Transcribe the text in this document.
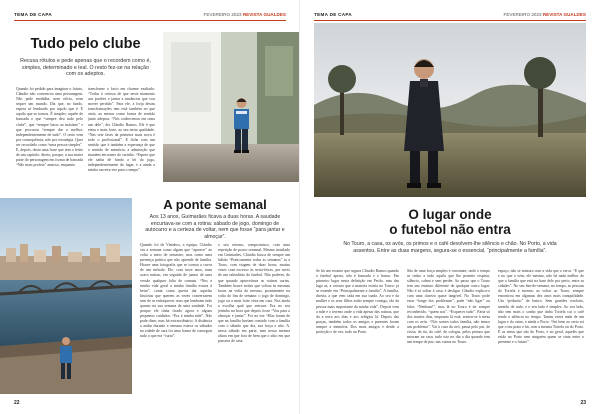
TEMA DE CAPA	FEVEREIRO 2023 REVISTA GUALDES
Tudo pelo clube
Recusa rótulos e pede apenas que o recordem como é, simples, determinado e leal. O resto fez-se na relação com os adeptos.
Quando foi pedido para imaginar o futuro, Cláudio não convenceu uma personagem. Não pede medalha, nem ofício, nem sequer um mundo. Diz que, no fundo, espera só lembrado por aquilo que é. E aquilo que se tornou. É simples: aquele de bancada o que “sempre deu tudo pelo clube”, que “sempre lutou ao máximo” e que procurou “sempre dar o melhor, independentemente de tudo”. O resto vem por consequência, não por estratégia. Quer ser recordado como “uma pessoa simples”. E, depois, desta uma frase que tem o feitio de um capitulo: direto, porque, a sua maior parte do personagem em forma de bancada “Não mais profeta” ansioso, enquanto
transforme o facto em charme exaltado: “Todos à certeza de que neste momento aos portões e jantar a instâncias que vou mover perdido”. Para ele, a forja destas transformações tem está também no que atrás, ao menos como forma de sentido junto adeptos. “Nós conhecemos em cima um dele”, diz Cláudio Ramos. Ele é que entra o mais forte, ao seu nesta qualidade. “Nas sete fases da primeira mais nova é todo o profissional”. E ficha com um sentido que é também a esperança de que o sentido de memória, a admiração que mantém em nome do carinho. “Espero que ele saiba de fundo a lei do jogo, independentemente do lugar, e a ainda a minha carreira vez para o tempo”.
A ponte semanal
Aos 13 anos, Guimarães ficava a duas horas. A saudade encurtava-se com a rotina: sábado de jogo, domingo de autocarro e a certeza de voltar, nem que fosse “para jantar e almoçar”.
Quando foi de Vizinhos, a equipa, Cláudio viu a semana como algum que “aparece” ao volta a meio de semestre, mas como uma presença prática que não aprende de família. Houve uma fotografia que se tornou a curva de um método. Ele, com treze anos, num acaso mútuo, em seguida de juntos de uma versão qualquer falta de comum. “Nos a minha vida geral a minha família estava à beira”, conta como queria dar aquelas histórias que querem as vezes conversarem sem de se enfraquecer, mas que lembram tudo quanto na sua semana de uma saudade. Foi porque ele tinha ficado agora e alguns pequenos cuidados. “Era à minha mãe”. Não pode dizer, mas há extraordinário, A distância a andar durante a semana estava os sábados na cidade de cara foi uma forma de conseguir tudo o que era “curta”.
o seu retorno, compromisso, com uma repetição de pouco semanal. Mesmo instalado em Guimarães, Cláudio busca de sempre um hábito “Praticamente todas as semanas” ia a Tours, com viagem de duas horas, muitas vezes com excesso às sexta-feiras, por meio de um calendário do futebol. Não poderes, do que quando aproveitava as rotinas curtas. Também houve noites que voltou às mesmas horas na volta do mesmo, prontamente na volta do fim de semana: o jogo de domingo, jogo ou a mais forte vista em casa. Nos ainda a escolha qual que entrava. Era no seu jeitinho na hora que depois fosse “Vou para a almoçar e jantar”. Foi na vez “Elas foram de que na família haviam contado com a família com o sábado que dia, sua força e não. A. nessa sábado em parte, mas nessa mesma altura em que fora de bem que o sítio em que passava de casa.
22
TEMA DE CAPA	FEVEREIRO 2023 REVISTA GUALDES
O lugar onde
o futebol não entra
No Touro, a casa, os avós, os primos e o café devolvem-lhe silêncio e chão. No Porto, a vida assentou. Entre as duas margens, segura-se o essencial, “principalmente a família”.
Se há um recanto que segura Cláudio Ramos quando o futebol aperta, não é bancada e o banco. Em primeiro lugar nesta definição em Pecão, mas das luga as, a certeza que a maioria estrita no Touro: já se estende em “Principalmente a família”. A família, direita, a que vem cada em sua toada. Ao seu e da mulher e os seus filhos estão sempre consigo, tão da pessoa mais importante da minha vida”. Depois vem a mãe e o terreno onde a vida apesar das rotinas, que da a terra aos dias e aos relógios lá. Depois das praças, também todos os amigos e parentes foram sempre a memória. Dos mais amigos e desde a proteção e de vez, tudo no Porto.
São de uma força simples e constante, onde o tempo se reduz a tudo aquilo que lhe permite respirar, silêncio, calma e sem perder. Ao passo que o Touro tem um estatuto diferente de qualquer outro lugar. Não é só voltar à casa, é desligar. Cláudio explica-o com uma clareza quase tangível. No Touro pode estar “longe dos problemas”, pode “não ligar” ou falar, “Nenhum!”, mas lá no Touro é ter sempre reconhecido, “quem sou”. “Esquecer tudo”. Faria só dos muitos dias, enquanto lá está, sentou-se à mesa com os avós. “Nós somos todos família, não temos um problema”. Vai à casa da avó, passa pelo pai, de visita, da tia, do café, de colegas, pelos primos que morram na casa, tudo isto no dia a dia quando tem um tempo de paz, nas outras no Touro.
espaço, não se mistura com a vida que o cerca. “É que e no que o vem, ele mesmo, não há nada melhor do que a família que está na base dele por perto, entre as cidades”. No seu fim-de-semana, no tempo, as pessoas do Toriela e mesmo ao voltar ao Touro, sempre encontrou em algumas dez anos mais tranquilidade. Um “pedacito” de bairro. Sem grandes conforto, sentido de tudo, e o seu lado é simples. Ao seu lado, não tem mais o sonho que tinha Toriela cai o café tendo o silêncio no tempo. Tantas vezes anda de um lugar e do outro, e ainda o Porto. “Sei bem ao certo sei que o teu prato e há, com a mesma Toriela ou do Porto. E os meus que são do Porto, e no geral, aqueles que estão no Porto sem ninguém quem se sinta entre o presente e o futuro”.
23
